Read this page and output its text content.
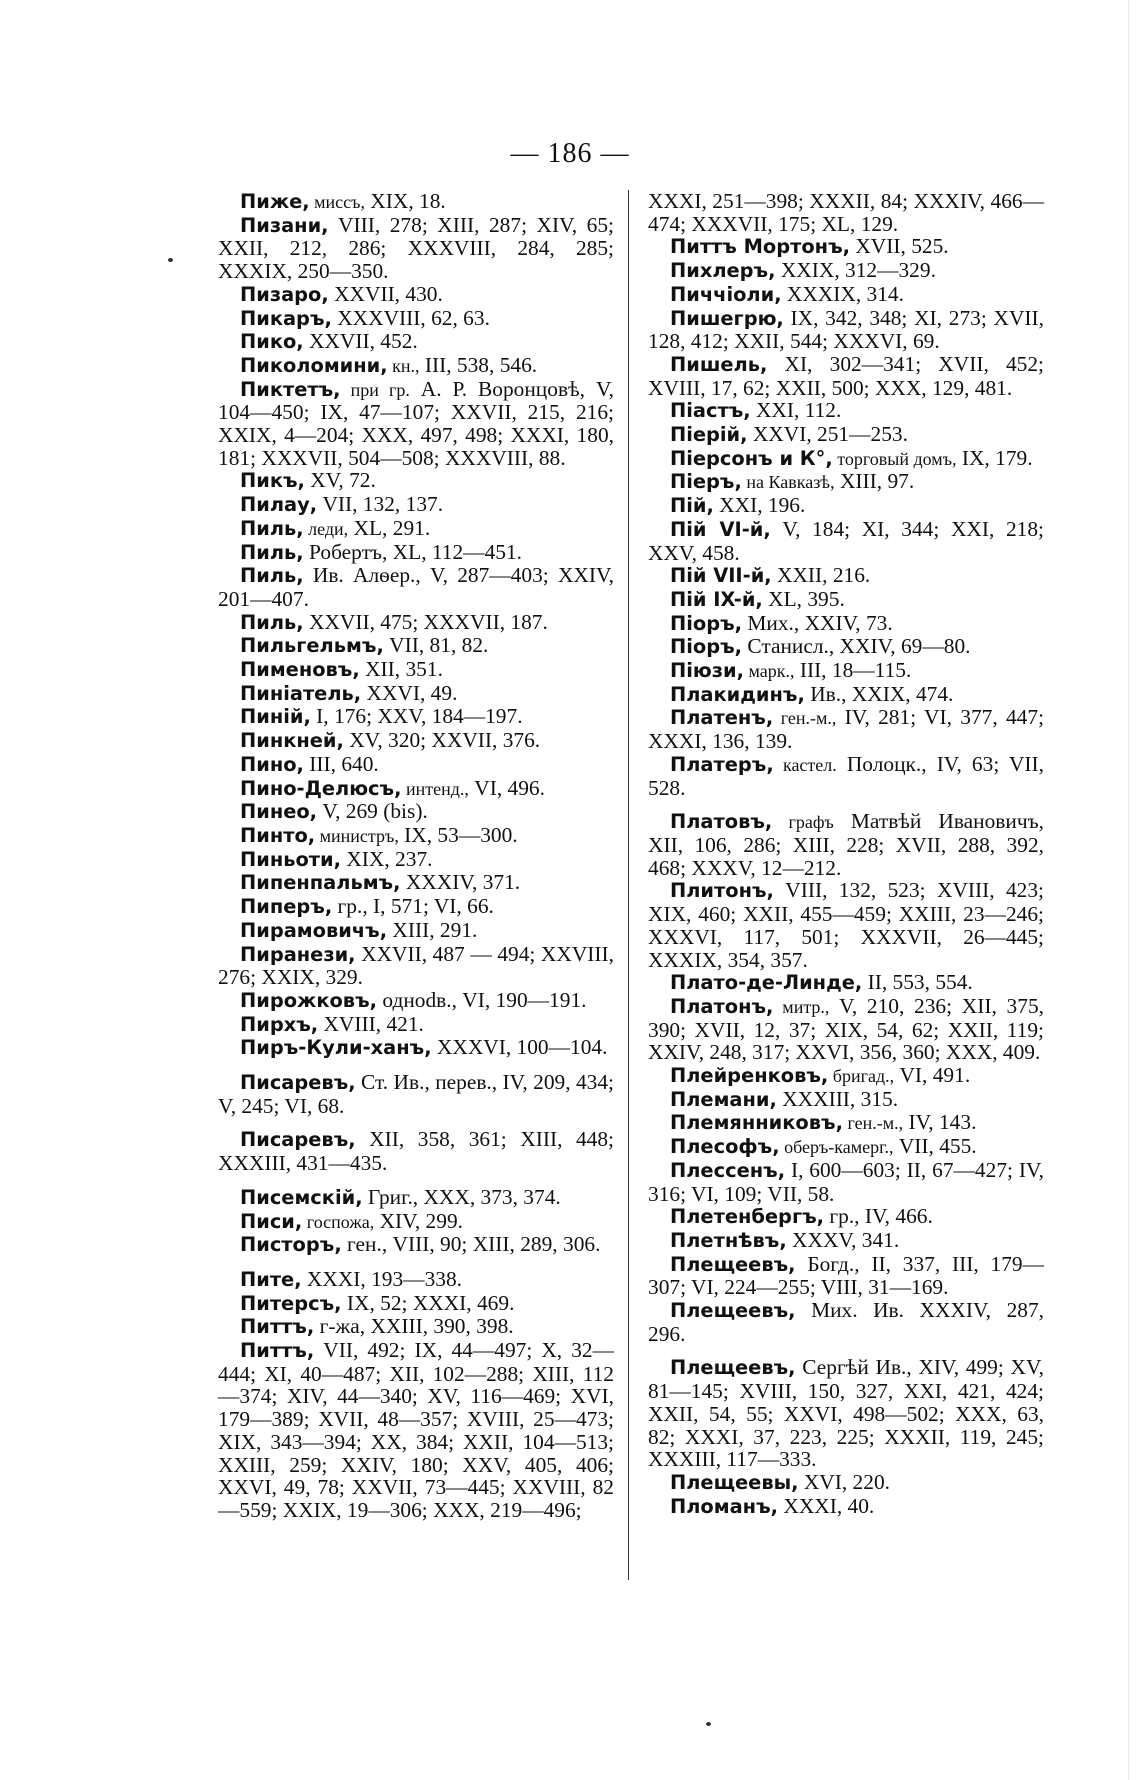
— 186 —

Пиже, миссъ, XIX, 18.

Пизани, VIII, 278; XIII, 287; XIV, 65; XXII, 212, 286; XXXVIII, 284, 285; XXXIX, 250—350.

Пизаро, XXVII, 430.

Пикаръ, XXXVIII, 62, 63.

Пико, XXVII, 452.

Пиколомини, кн., III, 538, 546.

Пиктетъ, при гр. А. Р. Воронцовѣ, V, 104—450; IX, 47—107; XXVII, 215, 216; XXIX, 4—204; XXX, 497, 498; XXXI, 180, 181; XXXVII, 504—508; XXXVIII, 88.

Пикъ, XV, 72.

Пилау, VII, 132, 137.

Пиль, леди, XL, 291.

Пиль, Робертъ, XL, 112—451.

Пиль, Ив. Алѳер., V, 287—403; XXIV, 201—407.

Пиль, XXVII, 475; XXXVII, 187.

Пильгельмъ, VII, 81, 82.

Пименовъ, XII, 351.

Пиніатель, XXVI, 49.

Пиній, I, 176; XXV, 184—197.

Пинкней, XV, 320; XXVII, 376.

Пино, III, 640.

Пино-Делюсъ, интенд., VI, 496.

Пинео, V, 269 (bis).

Пинто, министръ, IX, 53—300.

Пиньоти, XIX, 237.

Пипенпальмъ, XXXIV, 371.

Пиперъ, гр., I, 571; VI, 66.

Пирамовичъ, XIII, 291.

Пиранези, XXVII, 487 — 494; XXVIII, 276; XXIX, 329.

Пирожковъ, одноdв., VI, 190—191.

Пирхъ, XVIII, 421.

Пиръ-Кули-ханъ, XXXVI, 100—104.

Писаревъ, Ст. Ив., перев., IV, 209, 434; V, 245; VI, 68.

Писаревъ, XII, 358, 361; XIII, 448; XXXIII, 431—435.

Писемскій, Григ., XXX, 373, 374.

Писи, госпожа, XIV, 299.

Писторъ, ген., VIII, 90; XIII, 289, 306.

Пите, XXXI, 193—338.

Питерсъ, IX, 52; XXXI, 469.

Питтъ, г-жа, XXIII, 390, 398.

Питтъ, VII, 492; IX, 44—497; X, 32—444; XI, 40—487; XII, 102—288; XIII, 112—374; XIV, 44—340; XV, 116—469; XVI, 179—389; XVII, 48—357; XVIII, 25—473; XIX, 343—394; XX, 384; XXII, 104—513; XXIII, 259; XXIV, 180; XXV, 405, 406; XXVI, 49, 78; XXVII, 73—445; XXVIII, 82—559; XXIX, 19—306; XXX, 219—496;

XXXI, 251—398; XXXII, 84; XXXIV, 466—474; XXXVII, 175; XL, 129.

Питтъ Мортонъ, XVII, 525.

Пихлеръ, XXIX, 312—329.

Пиччіоли, XXXIX, 314.

Пишегрю, IX, 342, 348; XI, 273; XVII, 128, 412; XXII, 544; XXXVI, 69.

Пишель, XI, 302—341; XVII, 452; XVIII, 17, 62; XXII, 500; XXX, 129, 481.

Піастъ, XXI, 112.

Піерій, XXVI, 251—253.

Піерсонъ и К°, торговый домъ, IX, 179.

Піеръ, на Кавказѣ, XIII, 97.

Пій, XXI, 196.

Пій VI-й, V, 184; XI, 344; XXI, 218; XXV, 458.

Пій VII-й, XXII, 216.

Пій IX-й, XL, 395.

Піоръ, Мих., XXIV, 73.

Піоръ, Станисл., XXIV, 69—80.

Піюзи, марк., III, 18—115.

Плакидинъ, Ив., XXIX, 474.

Платенъ, ген.-м., IV, 281; VI, 377, 447; XXXI, 136, 139.

Платеръ, кастел. Полоцк., IV, 63; VII, 528.

Платовъ, графъ Матвѣй Ивановичъ, XII, 106, 286; XIII, 228; XVII, 288, 392, 468; XXXV, 12—212.

Плитонъ, VIII, 132, 523; XVIII, 423; XIX, 460; XXII, 455—459; XXIII, 23—246; XXXVI, 117, 501; XXXVII, 26—445; XXXIX, 354, 357.

Плато-де-Линде, II, 553, 554.

Платонъ, митр., V, 210, 236; XII, 375, 390; XVII, 12, 37; XIX, 54, 62; XXII, 119; XXIV, 248, 317; XXVI, 356, 360; XXX, 409.

Плейренковъ, бригад., VI, 491.

Племани, XXXIII, 315.

Племянниковъ, ген.-м., IV, 143.

Плесофъ, оберъ-камерг., VII, 455.

Плессенъ, I, 600—603; II, 67—427; IV, 316; VI, 109; VII, 58.

Плетенбергъ, гр., IV, 466.

Плетнѣвъ, XXXV, 341.

Плещеевъ, Богд., II, 337, III, 179—307; VI, 224—255; VIII, 31—169.

Плещеевъ, Мих. Ив. XXXIV, 287, 296.

Плещеевъ, Сергѣй Ив., XIV, 499; XV, 81—145; XVIII, 150, 327, XXI, 421, 424; XXII, 54, 55; XXVI, 498—502; XXX, 63, 82; XXXI, 37, 223, 225; XXXII, 119, 245; XXXIII, 117—333.

Плещеевы, XVI, 220.

Пломанъ, XXXI, 40.
